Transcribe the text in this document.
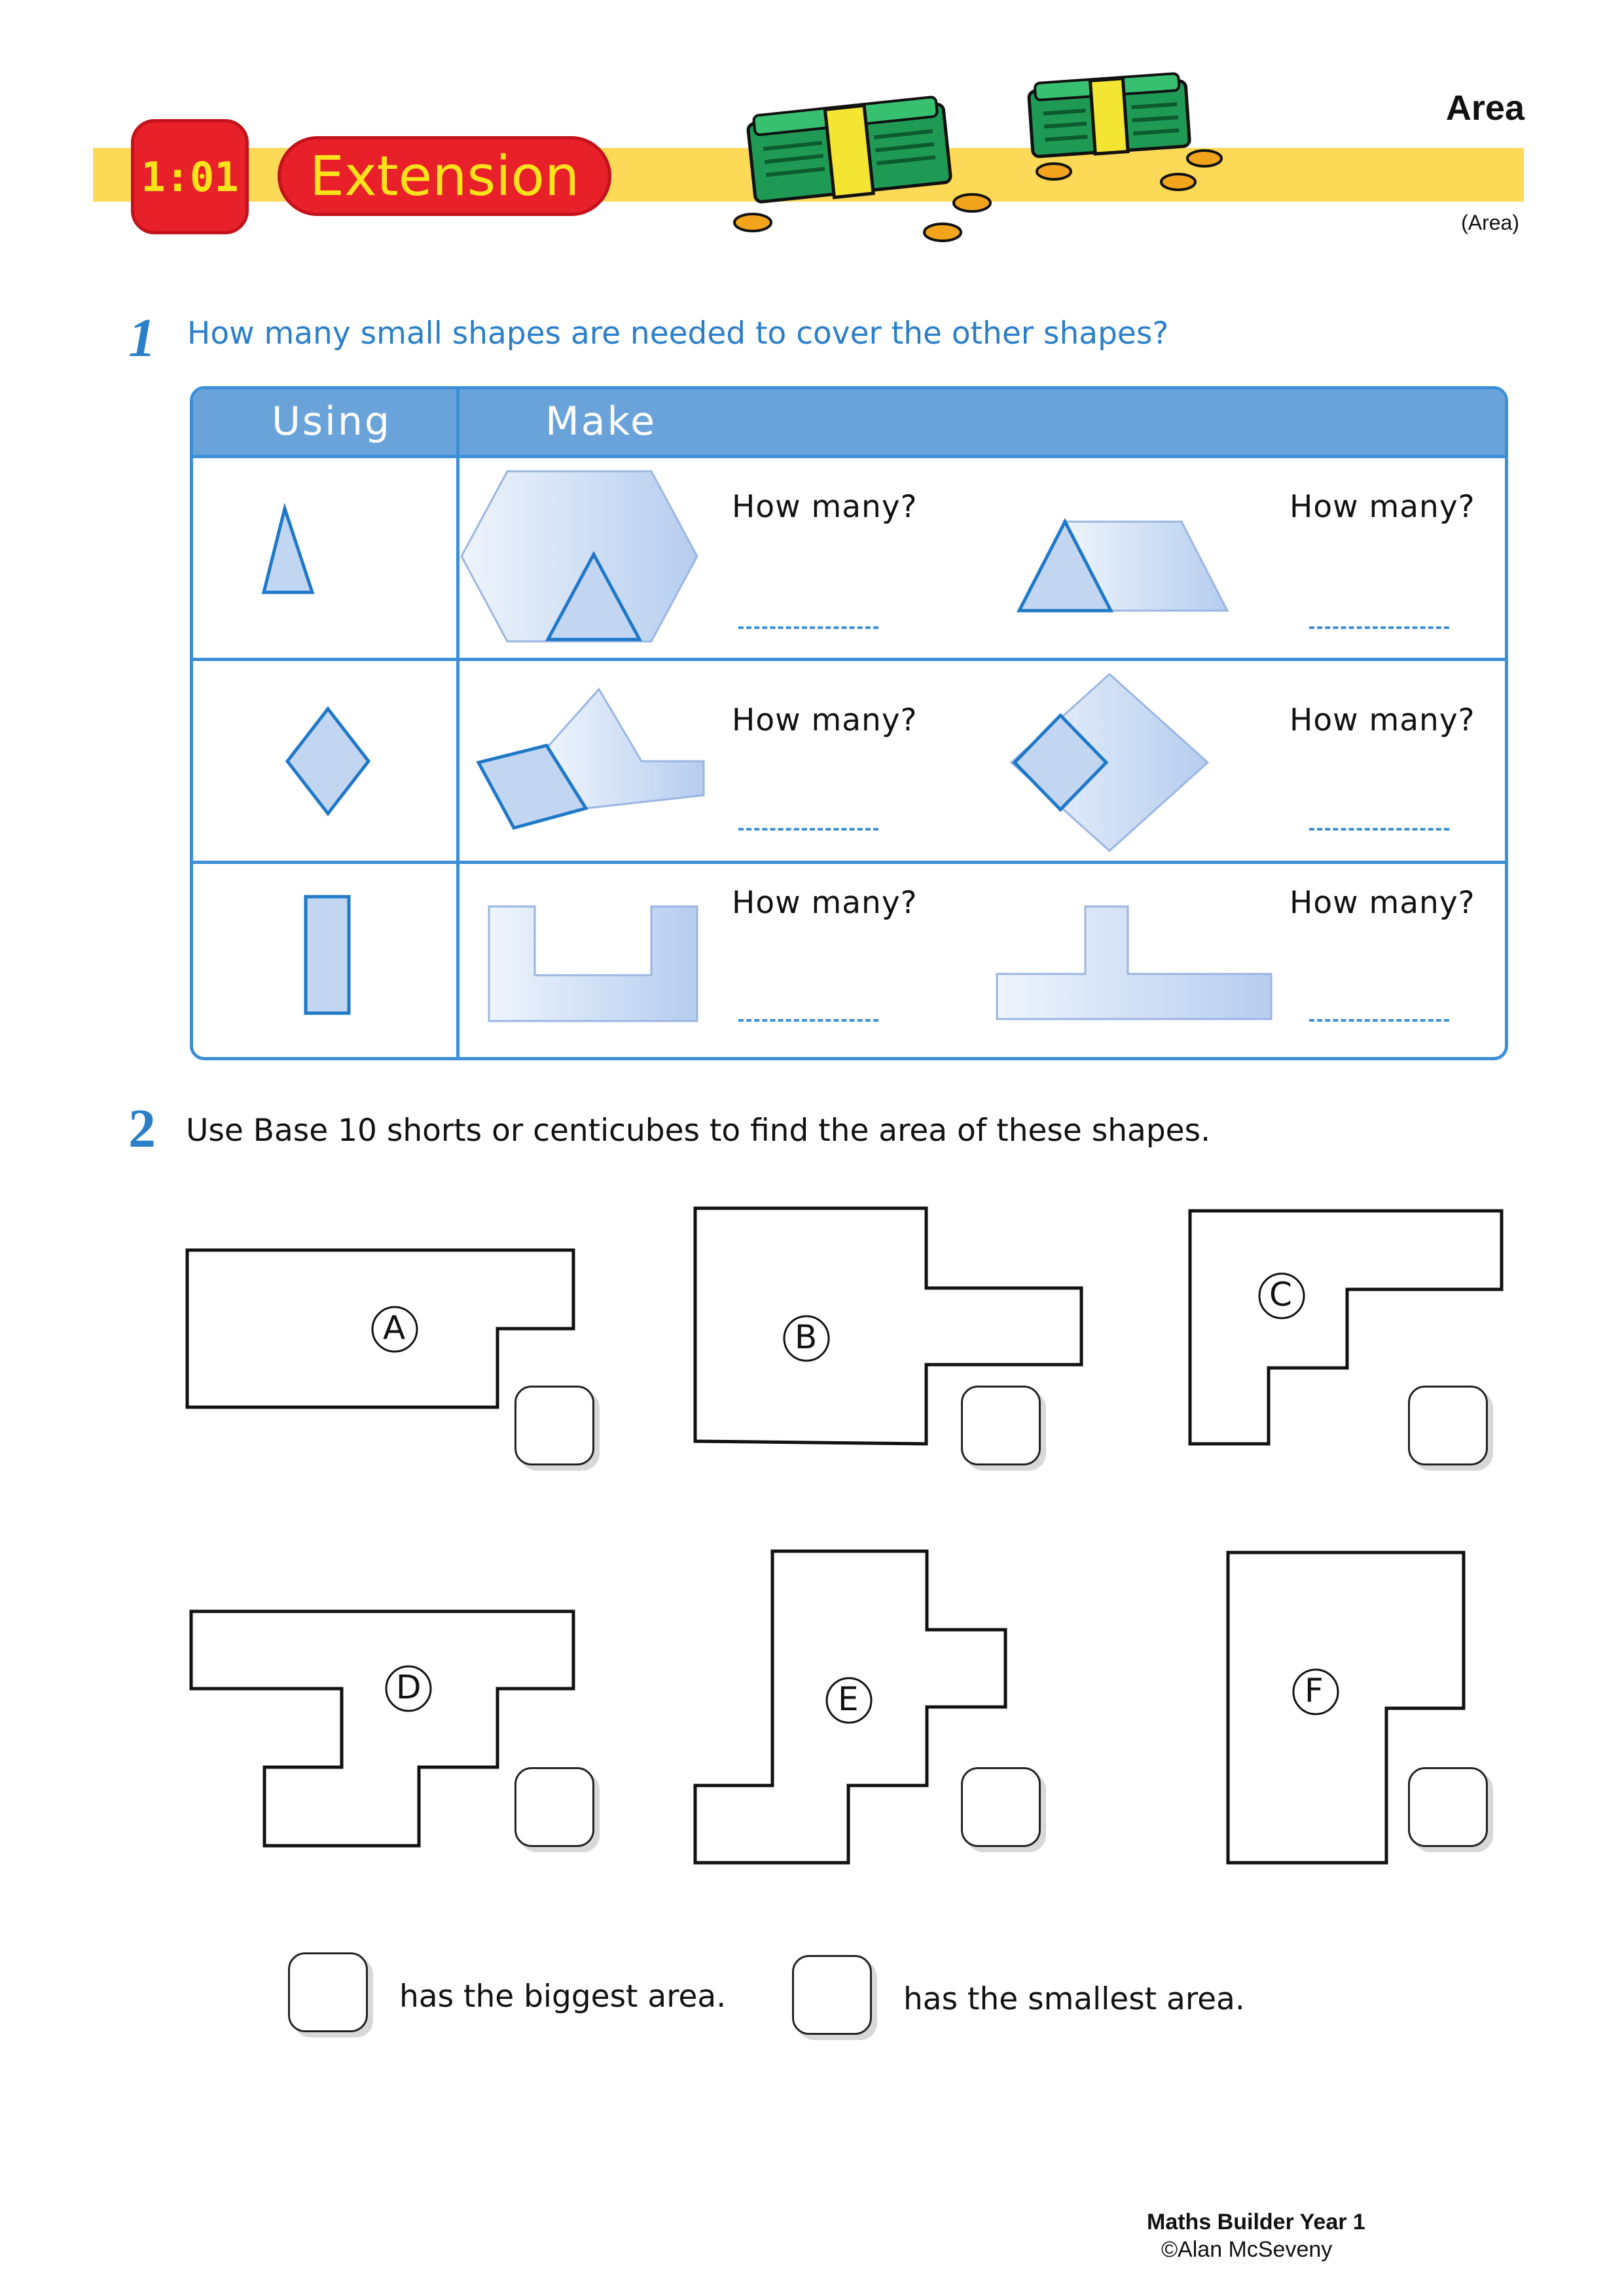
1:01	Extension
Area
(Area)
1 How many small shapes are needed to cover the other shapes?
Using	Make
How many?	How many?
How many?	How many?
How many?	How many?
2 Use Base 10 shorts or centicubes to find the area of these shapes.
A	B
C
D	E	F
has the biggest area.	has the smallest area.
Maths Builder Year 1
©Alan McSeveny
